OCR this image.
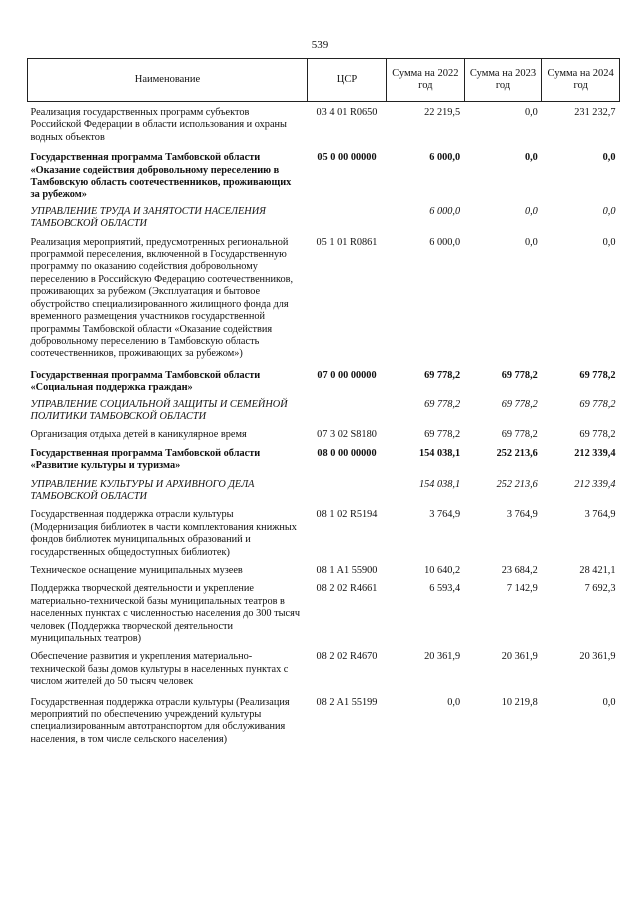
539
Наименование	ЦСР	Сумма на 2022 год	Сумма на 2023 год	Сумма на 2024 год
Реализация государственных программ субъектов Российской Федерации в области использования и охраны водных объектов	03 4 01 R0650	22 219,5	0,0	231 232,7
Государственная программа Тамбовской области «Оказание содействия добровольному переселению в Тамбовскую область соотечественников, проживающих за рубежом»	05 0 00 00000	6 000,0	0,0	0,0
УПРАВЛЕНИЕ ТРУДА И ЗАНЯТОСТИ НАСЕЛЕНИЯ ТАМБОВСКОЙ ОБЛАСТИ		6 000,0	0,0	0,0
Реализация мероприятий, предусмотренных региональной программой переселения, включенной в Государственную программу по оказанию содействия добровольному переселению в Российскую Федерацию соотечественников, проживающих за рубежом (Эксплуатация и бытовое обустройство специализированного жилищного фонда для временного размещения участников государственной программы Тамбовской области «Оказание содействия добровольному переселению в Тамбовскую область соотечественников, проживающих за рубежом»)	05 1 01 R0861	6 000,0	0,0	0,0
Государственная программа Тамбовской области «Социальная поддержка граждан»	07 0 00 00000	69 778,2	69 778,2	69 778,2
УПРАВЛЕНИЕ СОЦИАЛЬНОЙ ЗАЩИТЫ И СЕМЕЙНОЙ ПОЛИТИКИ ТАМБОВСКОЙ ОБЛАСТИ		69 778,2	69 778,2	69 778,2
Организация отдыха детей в каникулярное время	07 3 02 S8180	69 778,2	69 778,2	69 778,2
Государственная программа Тамбовской области «Развитие культуры и туризма»	08 0 00 00000	154 038,1	252 213,6	212 339,4
УПРАВЛЕНИЕ КУЛЬТУРЫ И АРХИВНОГО ДЕЛА ТАМБОВСКОЙ ОБЛАСТИ		154 038,1	252 213,6	212 339,4
Государственная поддержка отрасли культуры (Модернизация библиотек в части комплектования книжных фондов библиотек муниципальных образований и государственных общедоступных библиотек)	08 1 02 R5194	3 764,9	3 764,9	3 764,9
Техническое оснащение муниципальных музеев	08 1 A1 55900	10 640,2	23 684,2	28 421,1
Поддержка творческой деятельности и укрепление материально-технической базы муниципальных театров в населенных пунктах с численностью населения до 300 тысяч человек (Поддержка творческой деятельности муниципальных театров)	08 2 02 R4661	6 593,4	7 142,9	7 692,3
Обеспечение развития и укрепления материально-технической базы домов культуры в населенных пунктах с числом жителей до 50 тысяч человек	08 2 02 R4670	20 361,9	20 361,9	20 361,9
Государственная поддержка отрасли культуры (Реализация мероприятий по обеспечению учреждений культуры специализированным автотранспортом для обслуживания населения, в том числе сельского населения)	08 2 A1 55199	0,0	10 219,8	0,0
